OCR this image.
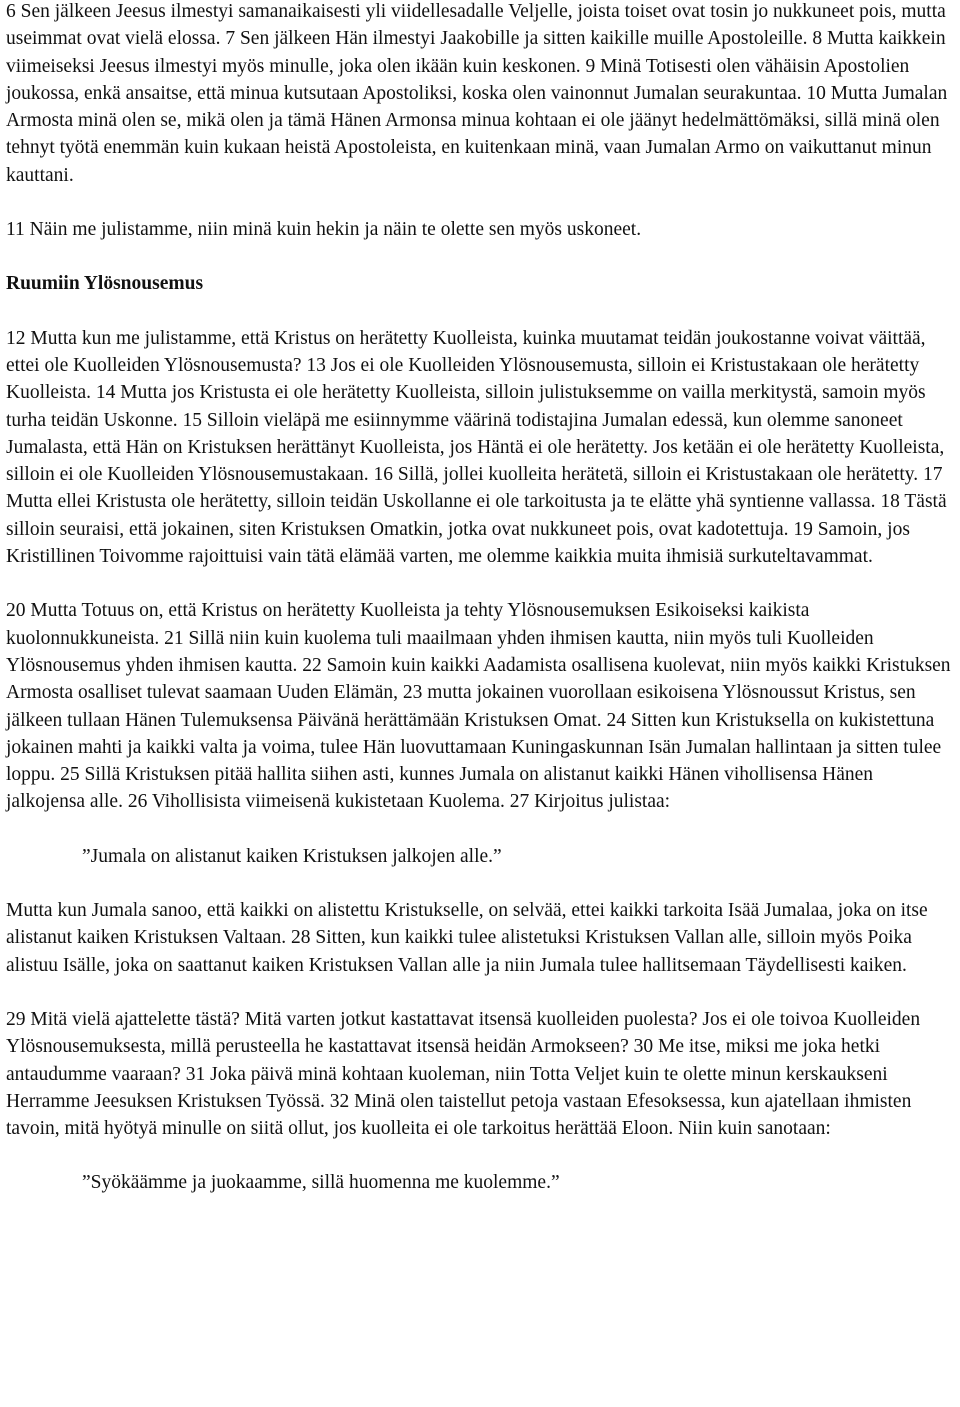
6 Sen jälkeen Jeesus ilmestyi samanaikaisesti yli viidellesadalle Veljelle, joista toiset ovat tosin jo nukkuneet pois, mutta useimmat ovat vielä elossa. 7 Sen jälkeen Hän ilmestyi Jaakobille ja sitten kaikille muille Apostoleille. 8 Mutta kaikkein viimeiseksi Jeesus ilmestyi myös minulle, joka olen ikään kuin keskonen. 9 Minä Totisesti olen vähäisin Apostolien joukossa, enkä ansaitse, että minua kutsutaan Apostoliksi, koska olen vainonnut Jumalan seurakuntaa. 10 Mutta Jumalan Armosta minä olen se, mikä olen ja tämä Hänen Armonsa minua kohtaan ei ole jäänyt hedelmättömäksi, sillä minä olen tehnyt työtä enemmän kuin kukaan heistä Apostoleista, en kuitenkaan minä, vaan Jumalan Armo on vaikuttanut minun kauttani.

11 Näin me julistamme, niin minä kuin hekin ja näin te olette sen myös uskoneet.

Ruumiin Ylösnousemus

12 Mutta kun me julistamme, että Kristus on herätetty Kuolleista, kuinka muutamat teidän joukostanne voivat väittää, ettei ole Kuolleiden Ylösnousemusta? 13 Jos ei ole Kuolleiden Ylösnousemusta, silloin ei Kristustakaan ole herätetty Kuolleista. 14 Mutta jos Kristusta ei ole herätetty Kuolleista, silloin julistuksemme on vailla merkitystä, samoin myös turha teidän Uskonne. 15 Silloin vieläpä me esiinnymme väärinä todistajina Jumalan edessä, kun olemme sanoneet Jumalasta, että Hän on Kristuksen herättänyt Kuolleista, jos Häntä ei ole herätetty. Jos ketään ei ole herätetty Kuolleista, silloin ei ole Kuolleiden Ylösnousemustakaan. 16 Sillä, jollei kuolleita herätetä, silloin ei Kristustakaan ole herätetty. 17 Mutta ellei Kristusta ole herätetty, silloin teidän Uskollanne ei ole tarkoitusta ja te elätte yhä syntienne vallassa. 18 Tästä silloin seuraisi, että jokainen, siten Kristuksen Omatkin, jotka ovat nukkuneet pois, ovat kadotettuja. 19 Samoin, jos Kristillinen Toivomme rajoittuisi vain tätä elämää varten, me olemme kaikkia muita ihmisiä surkuteltavammat.

20 Mutta Totuus on, että Kristus on herätetty Kuolleista ja tehty Ylösnousemuksen Esikoiseksi kaikista kuolonnukkuneista. 21 Sillä niin kuin kuolema tuli maailmaan yhden ihmisen kautta, niin myös tuli Kuolleiden Ylösnousemus yhden ihmisen kautta. 22 Samoin kuin kaikki Aadamista osallisena kuolevat, niin myös kaikki Kristuksen Armosta osalliset tulevat saamaan Uuden Elämän, 23 mutta jokainen vuorollaan esikoisena Ylösnoussut Kristus, sen jälkeen tullaan Hänen Tulemuksensa Päivänä herättämään Kristuksen Omat. 24 Sitten kun Kristuksella on kukistettuna jokainen mahti ja kaikki valta ja voima, tulee Hän luovuttamaan Kuningaskunnan Isän Jumalan hallintaan ja sitten tulee loppu. 25 Sillä Kristuksen pitää hallita siihen asti, kunnes Jumala on alistanut kaikki Hänen vihollisensa Hänen jalkojensa alle. 26 Vihollisista viimeisenä kukistetaan Kuolema. 27 Kirjoitus julistaa:

”Jumala on alistanut kaiken Kristuksen jalkojen alle.”

Mutta kun Jumala sanoo, että kaikki on alistettu Kristukselle, on selvää, ettei kaikki tarkoita Isää Jumalaa, joka on itse alistanut kaiken Kristuksen Valtaan. 28 Sitten, kun kaikki tulee alistetuksi Kristuksen Vallan alle, silloin myös Poika alistuu Isälle, joka on saattanut kaiken Kristuksen Vallan alle ja niin Jumala tulee hallitsemaan Täydellisesti kaiken.

29 Mitä vielä ajattelette tästä? Mitä varten jotkut kastattavat itsensä kuolleiden puolesta? Jos ei ole toivoa Kuolleiden Ylösnousemuksesta, millä perusteella he kastattavat itsensä heidän Armokseen? 30 Me itse, miksi me joka hetki antaudumme vaaraan? 31 Joka päivä minä kohtaan kuoleman, niin Totta Veljet kuin te olette minun kerskaukseni Herramme Jeesuksen Kristuksen Työssä. 32 Minä olen taistellut petoja vastaan Efesoksessa, kun ajatellaan ihmisten tavoin, mitä hyötyä minulle on siitä ollut, jos kuolleita ei ole tarkoitus herättää Eloon. Niin kuin sanotaan:

”Syökäämme ja juokaamme, sillä huomenna me kuolemme.”
